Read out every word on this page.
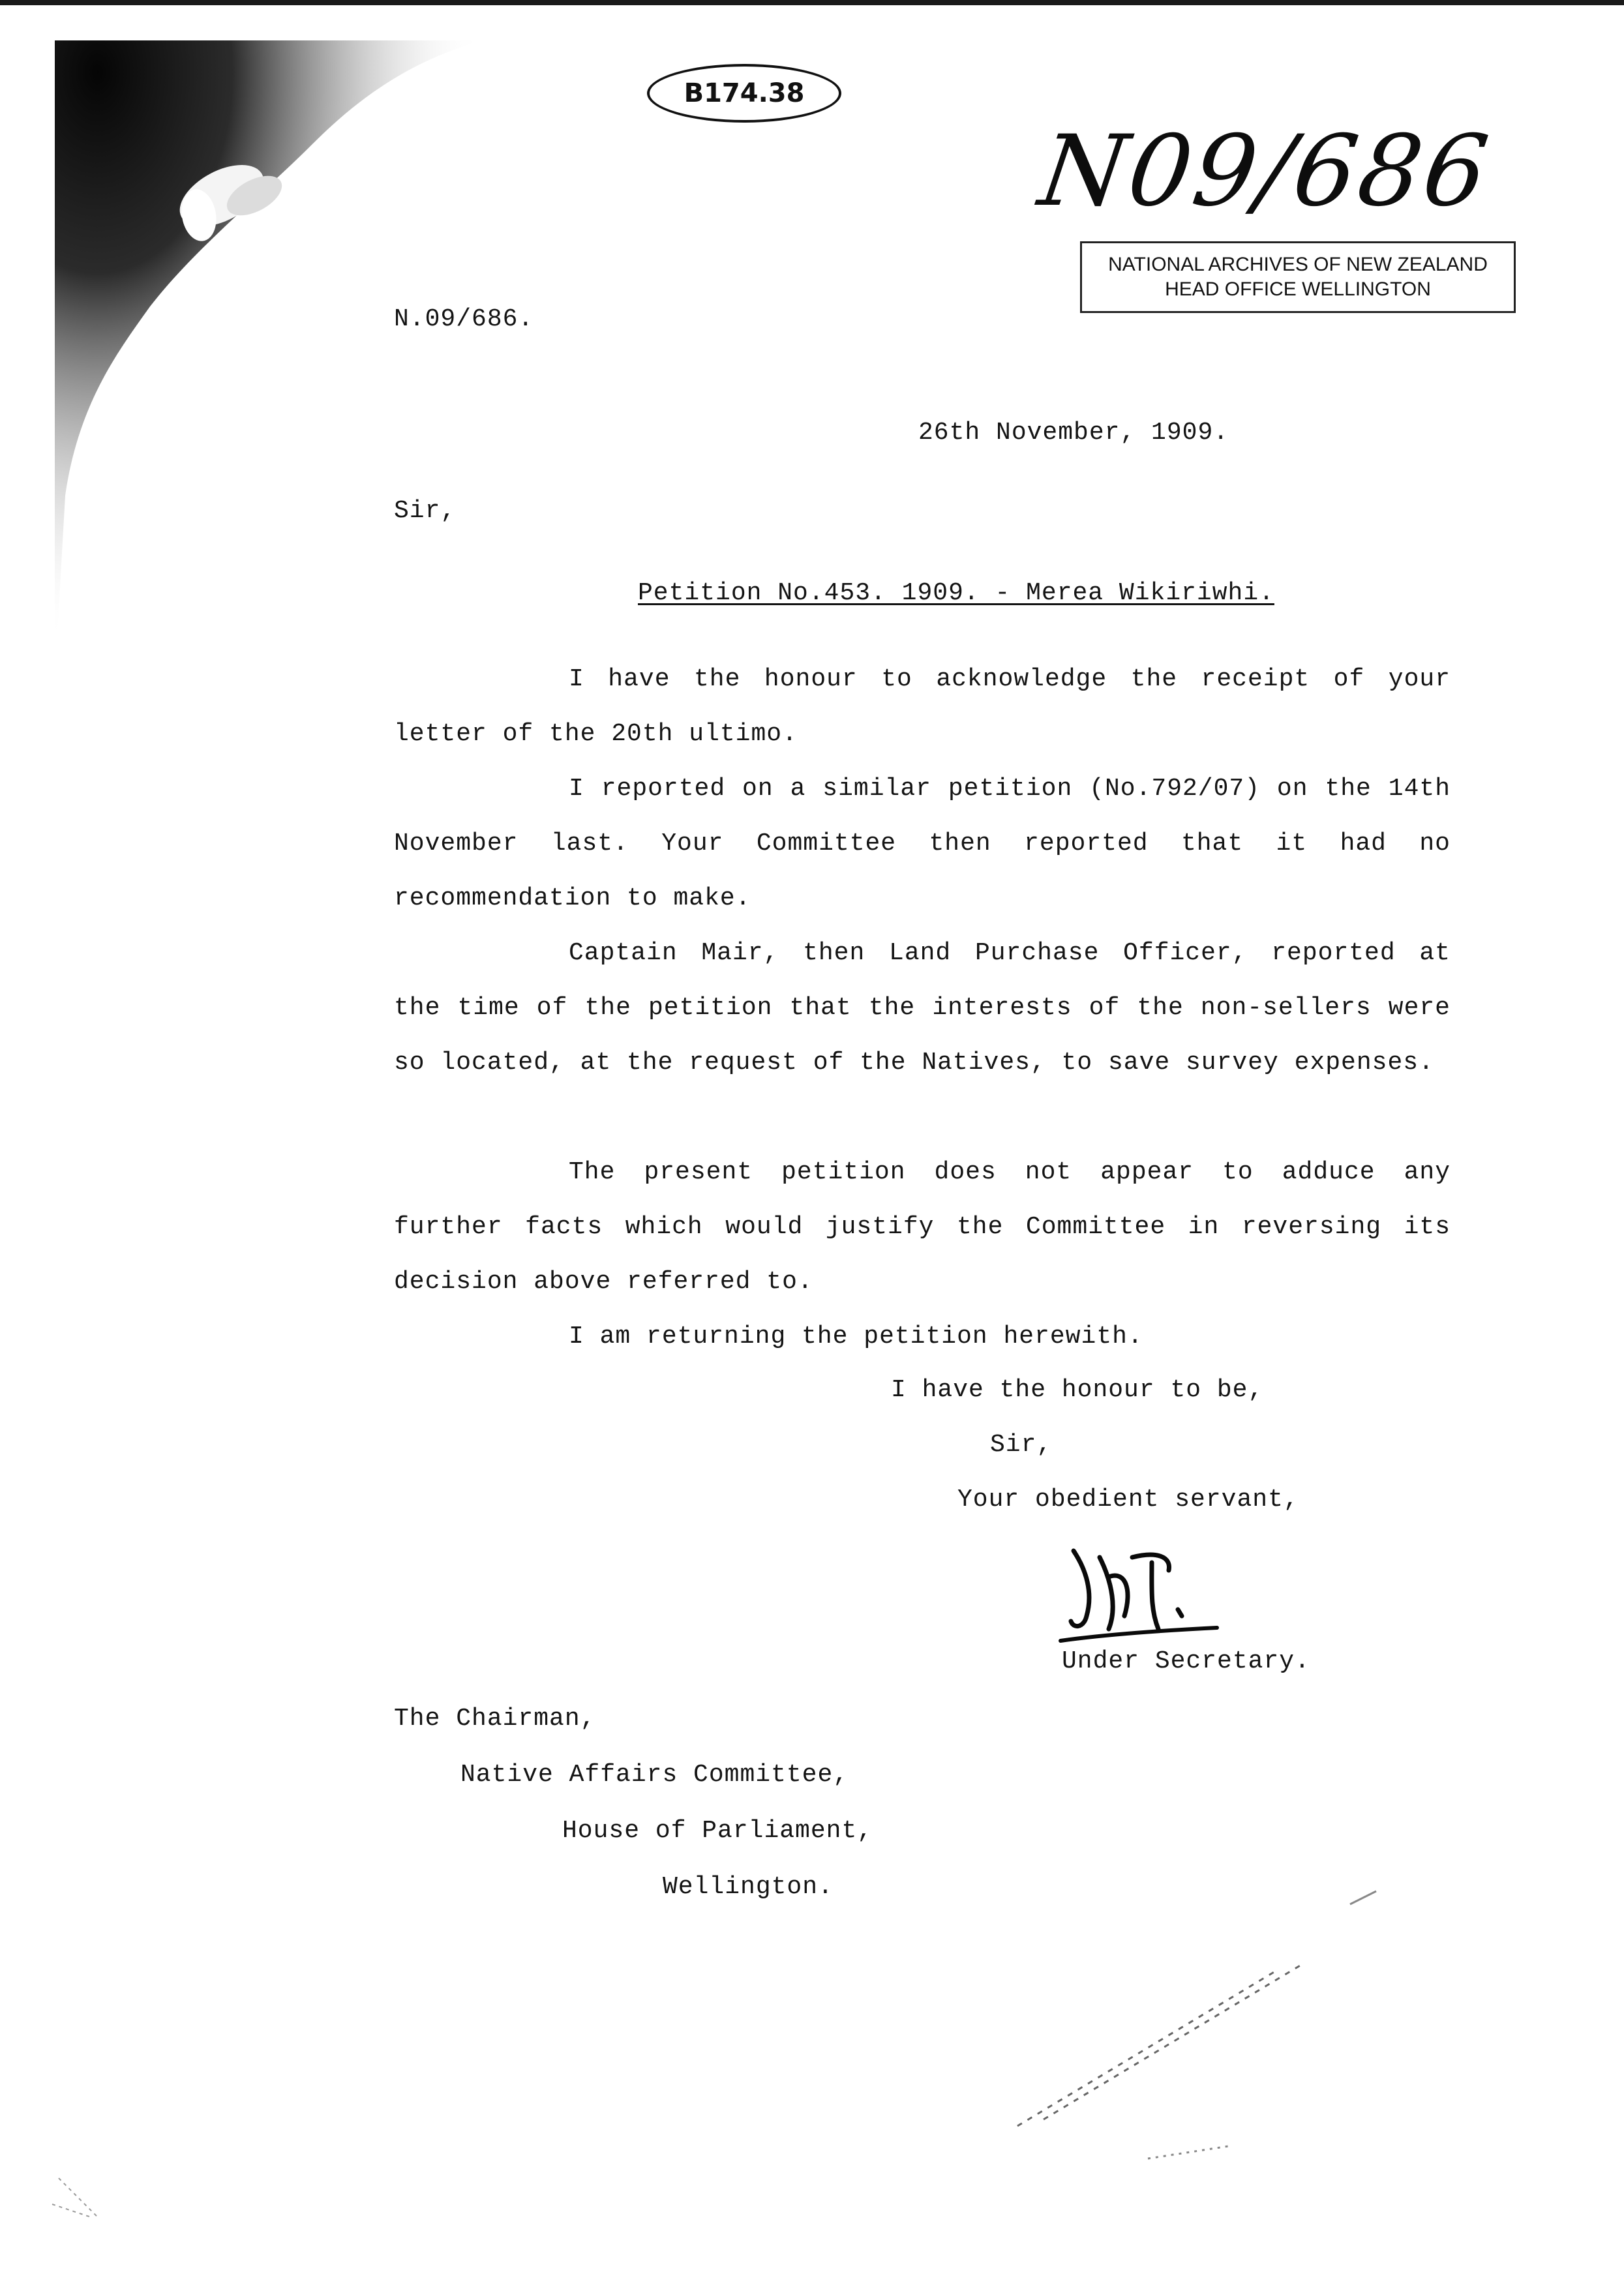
B174.38
N09/686
NATIONAL ARCHIVES OF NEW ZEALAND
HEAD OFFICE WELLINGTON
N.09/686.
26th November, 1909.
Sir,
Petition No.453. 1909. - Merea Wikiriwhi.

I have the honour to acknowledge the receipt of your letter of the 20th ultimo.

I reported on a similar petition (No.792/07) on the 14th November last. Your Committee then reported that it had no recommendation to make.

Captain Mair, then Land Purchase Officer, reported at the time of the petition that the interests of the non-sellers were so located, at the request of the Natives, to save survey expenses.

The present petition does not appear to adduce any further facts which would justify the Committee in reversing its decision above referred to.

I am returning the petition herewith.

I have the honour to be,
Sir,
Your obedient servant,
Under Secretary.
The Chairman,
Native Affairs Committee,
House of Parliament,
Wellington.
